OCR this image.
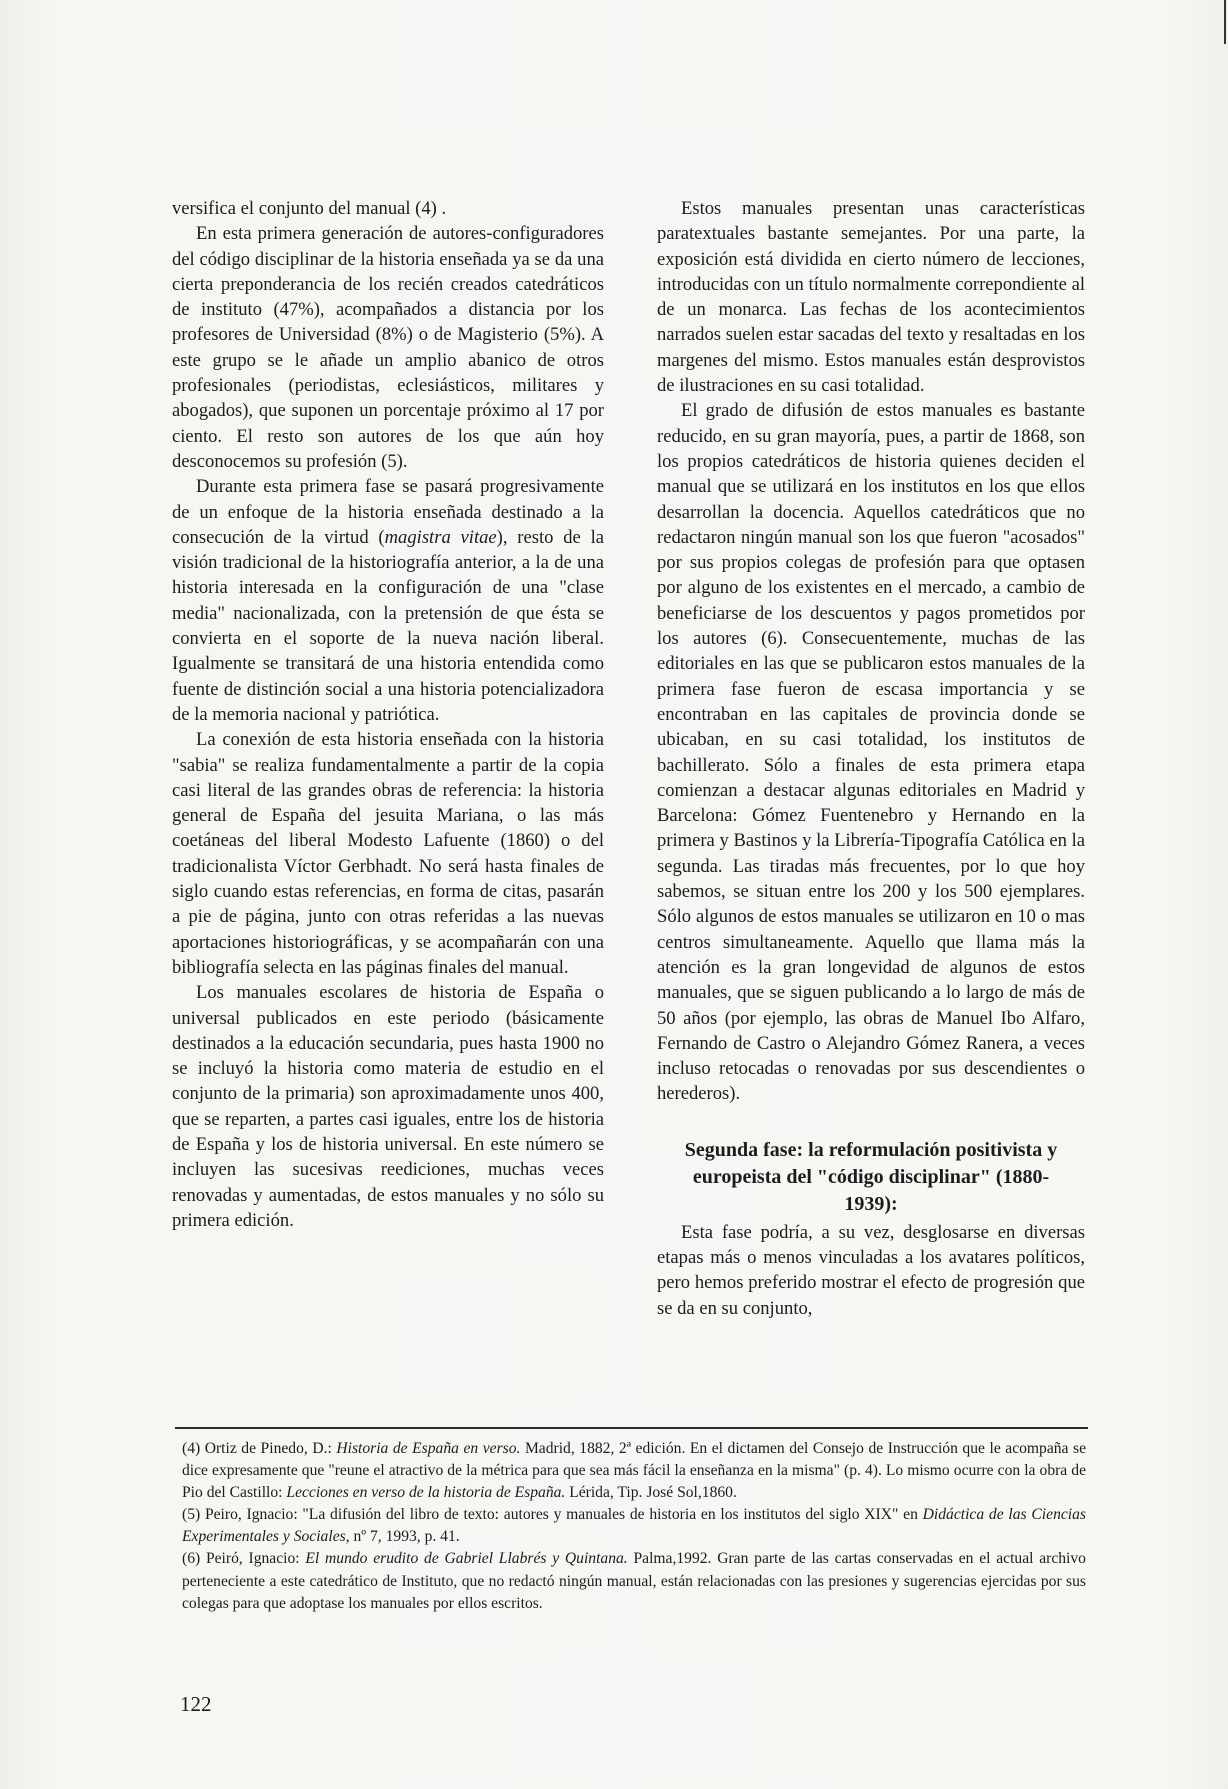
versifica el conjunto del manual (4) .

En esta primera generación de autores-configuradores del código disciplinar de la historia enseñada ya se da una cierta preponderancia de los recién creados catedráticos de instituto (47%), acompañados a distancia por los profesores de Universidad (8%) o de Magisterio (5%). A este grupo se le añade un amplio abanico de otros profesionales (periodistas, eclesiásticos, militares y abogados), que suponen un porcentaje próximo al 17 por ciento. El resto son autores de los que aún hoy desconocemos su profesión (5).

Durante esta primera fase se pasará progresivamente de un enfoque de la historia enseñada destinado a la consecución de la virtud (magistra vitae), resto de la visión tradicional de la historiografía anterior, a la de una historia interesada en la configuración de una "clase media" nacionalizada, con la pretensión de que ésta se convierta en el soporte de la nueva nación liberal. Igualmente se transitará de una historia entendida como fuente de distinción social a una historia potencializadora de la memoria nacional y patriótica.

La conexión de esta historia enseñada con la historia "sabia" se realiza fundamentalmente a partir de la copia casi literal de las grandes obras de referencia: la historia general de España del jesuita Mariana, o las más coetáneas del liberal Modesto Lafuente (1860) o del tradicionalista Víctor Gerbhadt. No será hasta finales de siglo cuando estas referencias, en forma de citas, pasarán a pie de página, junto con otras referidas a las nuevas aportaciones historiográficas, y se acompañarán con una bibliografía selecta en las páginas finales del manual.

Los manuales escolares de historia de España o universal publicados en este periodo (básicamente destinados a la educación secundaria, pues hasta 1900 no se incluyó la historia como materia de estudio en el conjunto de la primaria) son aproximadamente unos 400, que se reparten, a partes casi iguales, entre los de historia de España y los de historia universal. En este número se incluyen las sucesivas reediciones, muchas veces renovadas y aumentadas, de estos manuales y no sólo su primera edición.

Estos manuales presentan unas características paratextuales bastante semejantes. Por una parte, la exposición está dividida en cierto número de lecciones, introducidas con un título normalmente correpondiente al de un monarca. Las fechas de los acontecimientos narrados suelen estar sacadas del texto y resaltadas en los margenes del mismo. Estos manuales están desprovistos de ilustraciones en su casi totalidad.

El grado de difusión de estos manuales es bastante reducido, en su gran mayoría, pues, a partir de 1868, son los propios catedráticos de historia quienes deciden el manual que se utilizará en los institutos en los que ellos desarrollan la docencia. Aquellos catedráticos que no redactaron ningún manual son los que fueron "acosados" por sus propios colegas de profesión para que optasen por alguno de los existentes en el mercado, a cambio de beneficiarse de los descuentos y pagos prometidos por los autores (6). Consecuentemente, muchas de las editoriales en las que se publicaron estos manuales de la primera fase fueron de escasa importancia y se encontraban en las capitales de provincia donde se ubicaban, en su casi totalidad, los institutos de bachillerato. Sólo a finales de esta primera etapa comienzan a destacar algunas editoriales en Madrid y Barcelona: Gómez Fuentenebro y Hernando en la primera y Bastinos y la Librería-Tipografía Católica en la segunda. Las tiradas más frecuentes, por lo que hoy sabemos, se situan entre los 200 y los 500 ejemplares. Sólo algunos de estos manuales se utilizaron en 10 o mas centros simultaneamente. Aquello que llama más la atención es la gran longevidad de algunos de estos manuales, que se siguen publicando a lo largo de más de 50 años (por ejemplo, las obras de Manuel Ibo Alfaro, Fernando de Castro o Alejandro Gómez Ranera, a veces incluso retocadas o renovadas por sus descendientes o herederos).

Segunda fase: la reformulación positivista y europeista del "código disciplinar" (1880-1939):

Esta fase podría, a su vez, desglosarse en diversas etapas más o menos vinculadas a los avatares políticos, pero hemos preferido mostrar el efecto de progresión que se da en su conjunto,

(4) Ortiz de Pinedo, D.: Historia de España en verso. Madrid, 1882, 2ª edición. En el dictamen del Consejo de Instrucción que le acompaña se dice expresamente que "reune el atractivo de la métrica para que sea más fácil la enseñanza en la misma" (p. 4). Lo mismo ocurre con la obra de Pio del Castillo: Lecciones en verso de la historia de España. Lérida, Tip. José Sol,1860.

(5) Peiro, Ignacio: "La difusión del libro de texto: autores y manuales de historia en los institutos del siglo XIX" en Didáctica de las Ciencias Experimentales y Sociales, nº 7, 1993, p. 41.

(6) Peiró, Ignacio: El mundo erudito de Gabriel Llabrés y Quintana. Palma,1992. Gran parte de las cartas conservadas en el actual archivo perteneciente a este catedrático de Instituto, que no redactó ningún manual, están relacionadas con las presiones y sugerencias ejercidas por sus colegas para que adoptase los manuales por ellos escritos.

122
